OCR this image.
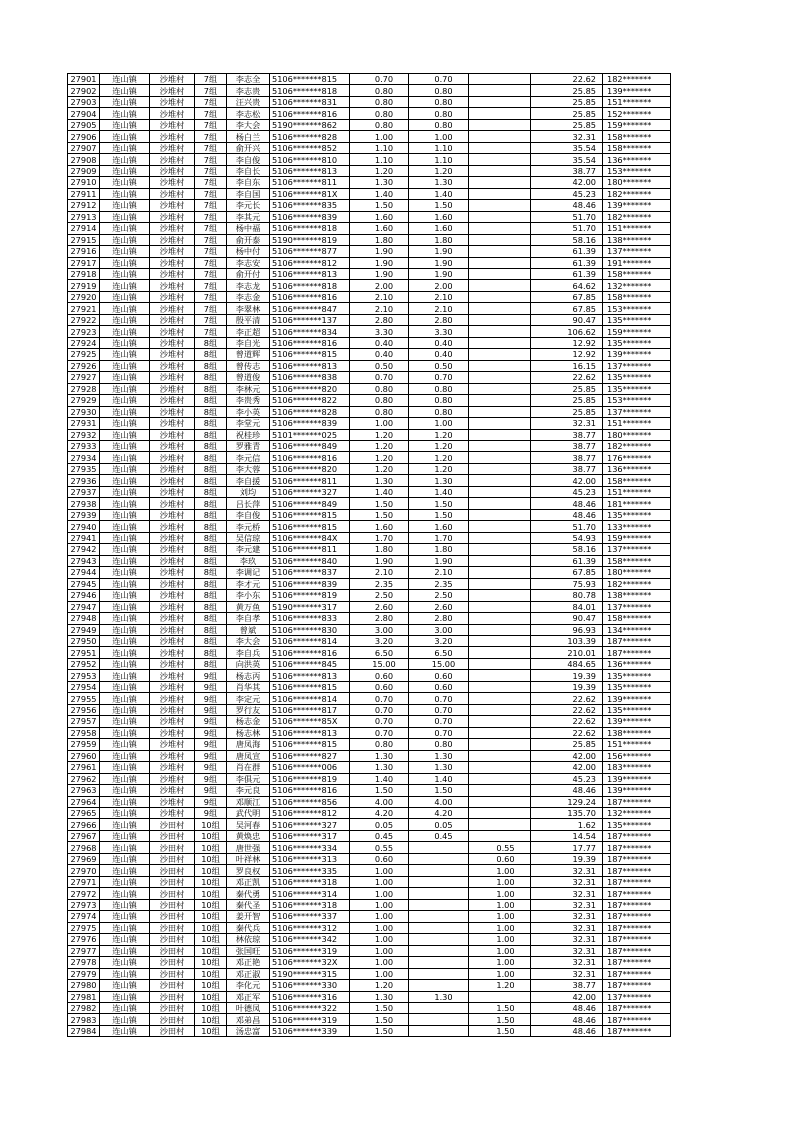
27901	连山镇	沙堆村	7组	李志全	5106*******815	0.70	0.70		22.62	182*******
27902	连山镇	沙堆村	7组	李志贵	5106*******818	0.80	0.80		25.85	139*******
27903	连山镇	沙堆村	7组	汪兴贵	5106*******831	0.80	0.80		25.85	151*******
27904	连山镇	沙堆村	7组	李志松	5106*******816	0.80	0.80		25.85	152*******
27905	连山镇	沙堆村	7组	李大会	5190*******862	0.80	0.80		25.85	159*******
27906	连山镇	沙堆村	7组	杨白兰	5106*******828	1.00	1.00		32.31	158*******
27907	连山镇	沙堆村	7组	俞开兴	5106*******852	1.10	1.10		35.54	158*******
27908	连山镇	沙堆村	7组	李自俊	5106*******810	1.10	1.10		35.54	136*******
27909	连山镇	沙堆村	7组	李自长	5106*******813	1.20	1.20		38.77	153*******
27910	连山镇	沙堆村	7组	李自东	5106*******811	1.30	1.30		42.00	180*******
27911	连山镇	沙堆村	7组	李自国	5106*******81X	1.40	1.40		45.23	182*******
27912	连山镇	沙堆村	7组	李元长	5106*******835	1.50	1.50		48.46	139*******
27913	连山镇	沙堆村	7组	李其元	5106*******839	1.60	1.60		51.70	182*******
27914	连山镇	沙堆村	7组	杨中福	5106*******818	1.60	1.60		51.70	151*******
27915	连山镇	沙堆村	7组	俞开泰	5190*******819	1.80	1.80		58.16	138*******
27916	连山镇	沙堆村	7组	杨中付	5106*******877	1.90	1.90		61.39	137*******
27917	连山镇	沙堆村	7组	李志安	5106*******812	1.90	1.90		61.39	191*******
27918	连山镇	沙堆村	7组	俞开付	5106*******813	1.90	1.90		61.39	158*******
27919	连山镇	沙堆村	7组	李志龙	5106*******818	2.00	2.00		64.62	132*******
27920	连山镇	沙堆村	7组	李志金	5106*******816	2.10	2.10		67.85	158*******
27921	连山镇	沙堆村	7组	李翠林	5106*******847	2.10	2.10		67.85	153*******
27922	连山镇	沙堆村	7组	殷平清	5106*******137	2.80	2.80		90.47	135*******
27923	连山镇	沙堆村	7组	李正超	5106*******834	3.30	3.30		106.62	159*******
27924	连山镇	沙堆村	8组	李自光	5106*******816	0.40	0.40		12.92	135*******
27925	连山镇	沙堆村	8组	曾道辉	5106*******815	0.40	0.40		12.92	139*******
27926	连山镇	沙堆村	8组	曾传志	5106*******813	0.50	0.50		16.15	137*******
27927	连山镇	沙堆村	8组	曾道俊	5106*******838	0.70	0.70		22.62	135*******
27928	连山镇	沙堆村	8组	李林元	5106*******820	0.80	0.80		25.85	135*******
27929	连山镇	沙堆村	8组	李贵秀	5106*******822	0.80	0.80		25.85	153*******
27930	连山镇	沙堆村	8组	李小英	5106*******828	0.80	0.80		25.85	137*******
27931	连山镇	沙堆村	8组	李堂元	5106*******839	1.00	1.00		32.31	151*******
27932	连山镇	沙堆村	8组	祝桂珍	5101*******025	1.20	1.20		38.77	180*******
27933	连山镇	沙堆村	8组	罗雅青	5106*******849	1.20	1.20		38.77	182*******
27934	连山镇	沙堆村	8组	李元信	5106*******816	1.20	1.20		38.77	176*******
27935	连山镇	沙堆村	8组	李大蓉	5106*******820	1.20	1.20		38.77	136*******
27936	连山镇	沙堆村	8组	李自援	5106*******811	1.30	1.30		42.00	158*******
27937	连山镇	沙堆村	8组	刘均	5106*******327	1.40	1.40		45.23	151*******
27938	连山镇	沙堆村	8组	吕长萍	5106*******849	1.50	1.50		48.46	181*******
27939	连山镇	沙堆村	8组	李自俊	5106*******815	1.50	1.50		48.46	135*******
27940	连山镇	沙堆村	8组	李元桥	5106*******815	1.60	1.60		51.70	133*******
27941	连山镇	沙堆村	8组	吴信琼	5106*******84X	1.70	1.70		54.93	159*******
27942	连山镇	沙堆村	8组	李元建	5106*******811	1.80	1.80		58.16	137*******
27943	连山镇	沙堆村	8组	李玖	5106*******840	1.90	1.90		61.39	158*******
27944	连山镇	沙堆村	8组	李调记	5106*******837	2.10	2.10		67.85	180*******
27945	连山镇	沙堆村	8组	李才元	5106*******839	2.35	2.35		75.93	182*******
27946	连山镇	沙堆村	8组	李小东	5106*******819	2.50	2.50		80.78	138*******
27947	连山镇	沙堆村	8组	黄万鱼	5190*******317	2.60	2.60		84.01	137*******
27948	连山镇	沙堆村	8组	李自孝	5106*******833	2.80	2.80		90.47	158*******
27949	连山镇	沙堆村	8组	曾斌	5106*******830	3.00	3.00		96.93	134*******
27950	连山镇	沙堆村	8组	李大会	5106*******814	3.20	3.20		103.39	187*******
27951	连山镇	沙堆村	8组	李自兵	5106*******816	6.50	6.50		210.01	187*******
27952	连山镇	沙堆村	8组	向洪英	5106*******845	15.00	15.00		484.65	136*******
27953	连山镇	沙堆村	9组	杨志丙	5106*******813	0.60	0.60		19.39	135*******
27954	连山镇	沙堆村	9组	肖华其	5106*******815	0.60	0.60		19.39	135*******
27955	连山镇	沙堆村	9组	李定元	5106*******814	0.70	0.70		22.62	139*******
27956	连山镇	沙堆村	9组	罗行友	5106*******817	0.70	0.70		22.62	135*******
27957	连山镇	沙堆村	9组	杨志金	5106*******85X	0.70	0.70		22.62	139*******
27958	连山镇	沙堆村	9组	杨志林	5106*******813	0.70	0.70		22.62	138*******
27959	连山镇	沙堆村	9组	唐凤海	5106*******815	0.80	0.80		25.85	151*******
27960	连山镇	沙堆村	9组	唐凤宣	5106*******827	1.30	1.30		42.00	156*******
27961	连山镇	沙堆村	9组	肖在群	5106*******006	1.30	1.30		42.00	183*******
27962	连山镇	沙堆村	9组	李俱元	5106*******819	1.40	1.40		45.23	139*******
27963	连山镇	沙堆村	9组	李元良	5106*******816	1.50	1.50		48.46	139*******
27964	连山镇	沙堆村	9组	邓顺江	5106*******856	4.00	4.00		129.24	187*******
27965	连山镇	沙堆村	9组	武代明	5106*******812	4.20	4.20		135.70	132*******
27966	连山镇	沙田村	10组	吴河春	5106*******327	0.05	0.05		1.62	135*******
27967	连山镇	沙田村	10组	黄焕忠	5106*******317	0.45	0.45		14.54	187*******
27968	连山镇	沙田村	10组	唐世强	5106*******334	0.55		0.55	17.77	187*******
27969	连山镇	沙田村	10组	叶祥林	5106*******313	0.60		0.60	19.39	187*******
27970	连山镇	沙田村	10组	罗良权	5106*******335	1.00		1.00	32.31	187*******
27971	连山镇	沙田村	10组	邓正凯	5106*******318	1.00		1.00	32.31	187*******
27972	连山镇	沙田村	10组	秦代勇	5106*******314	1.00		1.00	32.31	187*******
27973	连山镇	沙田村	10组	秦代圣	5106*******318	1.00		1.00	32.31	187*******
27974	连山镇	沙田村	10组	姜开智	5106*******337	1.00		1.00	32.31	187*******
27975	连山镇	沙田村	10组	秦代兵	5106*******312	1.00		1.00	32.31	187*******
27976	连山镇	沙田村	10组	林依琼	5106*******342	1.00		1.00	32.31	187*******
27977	连山镇	沙田村	10组	张国旺	5106*******319	1.00		1.00	32.31	187*******
27978	连山镇	沙田村	10组	邓正艳	5106*******32X	1.00		1.00	32.31	187*******
27979	连山镇	沙田村	10组	邓正淑	5190*******315	1.00		1.00	32.31	187*******
27980	连山镇	沙田村	10组	李化元	5106*******330	1.20		1.20	38.77	187*******
27981	连山镇	沙田村	10组	邓正军	5106*******316	1.30	1.30		42.00	137*******
27982	连山镇	沙田村	10组	叶德凤	5106*******322	1.50		1.50	48.46	187*******
27983	连山镇	沙田村	10组	邓弟昌	5106*******319	1.50		1.50	48.46	187*******
27984	连山镇	沙田村	10组	汤忠富	5106*******339	1.50		1.50	48.46	187*******
